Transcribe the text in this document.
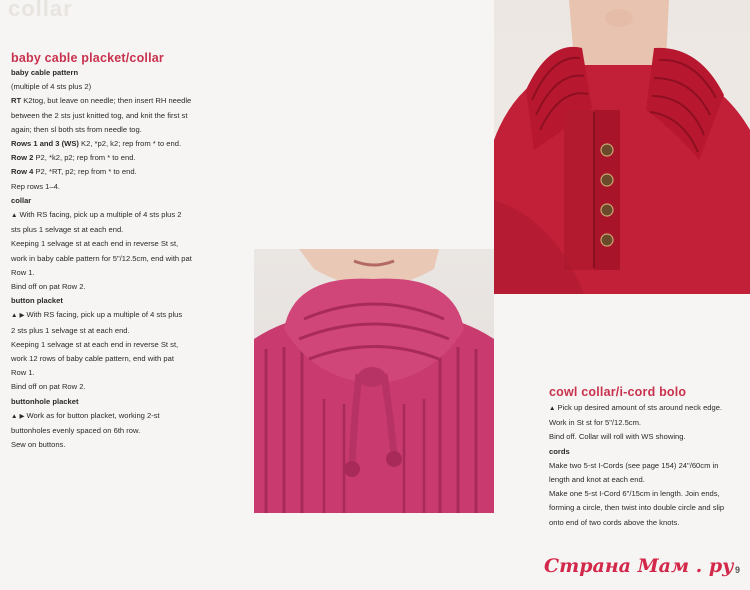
collar
baby cable placket/collar
baby cable pattern
(multiple of 4 sts plus 2)
RT K2tog, but leave on needle; then insert RH needle
between the 2 sts just knitted tog, and knit the first st
again; then sl both sts from needle tog.
Rows 1 and 3 (WS) K2, *p2, k2; rep from * to end.
Row 2 P2, *k2, p2; rep from * to end.
Row 4 P2, *RT, p2; rep from * to end.
Rep rows 1–4.
collar
▲ With RS facing, pick up a multiple of 4 sts plus 2
sts plus 1 selvage st at each end.
Keeping 1 selvage st at each end in reverse St st,
work in baby cable pattern for 5"/12.5cm, end with pat
Row 1.
Bind off on pat Row 2.
button placket
▲ ▶ With RS facing, pick up a multiple of 4 sts plus
2 sts plus 1 selvage st at each end.
Keeping 1 selvage st at each end in reverse St st,
work 12 rows of baby cable pattern, end with pat
Row 1.
Bind off on pat Row 2.
buttonhole placket
▲ ▶ Work as for button placket, working 2-st
buttonholes evenly spaced on 6th row.
Sew on buttons.
cowl collar/i-cord bolo
▲ Pick up desired amount of sts around neck edge.
Work in St st for 5"/12.5cm.
Bind off. Collar will roll with WS showing.
cords
Make two 5-st I-Cords (see page 154) 24"/60cm in
length and knot at each end.
Make one 5-st I-Cord 6"/15cm in length. Join ends,
forming a circle, then twist into double circle and slip
onto end of two cords above the knots.
Страна Мам . ру 9
